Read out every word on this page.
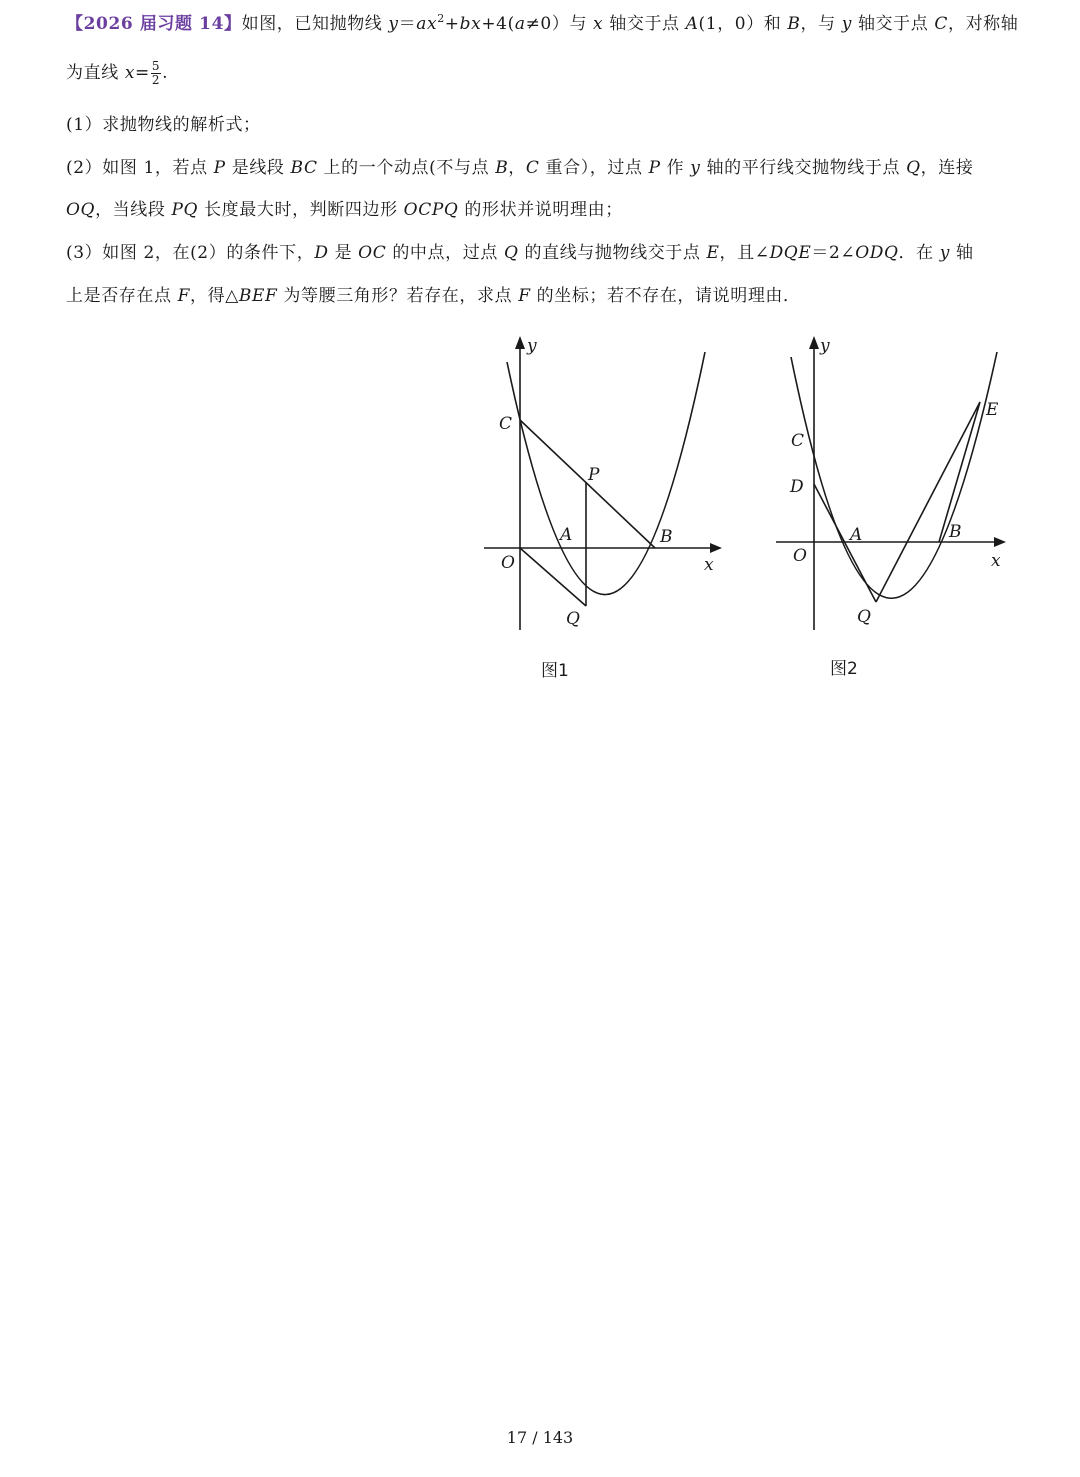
【2026 届习题 14】如图，已知抛物线 $y=ax^2+bx+4(a\ne 0)$与 x 轴交于点 A(1，0）和 B，与 y 轴交于点 C，对称轴
为直线 $x= \frac{5}{2}$ .
(1）求抛物线的解析式；
(2）如图 1，若点 P 是线段 BC 上的一个动点(不与点 B，C 重合），过点 P 作 y 轴的平行线交抛物线于点 Q，连接
OQ，当线段 PQ 长度最大时，判断四边形 OCPQ 的形状并说明理由；
(3）如图 2，在(2）的条件下，D 是 OC 的中点，过点 Q 的直线与抛物线交于点 E，且∠DQE＝2∠ODQ．在 y 轴
上是否存在点 F，得△BEF 为等腰三角形？若存在，求点 F 的坐标；若不存在，请说明理由．
y
C
P
A	B
O	x
Q
图1
y
E
C
D
A	B
O	x
Q
图2
17 / 143
